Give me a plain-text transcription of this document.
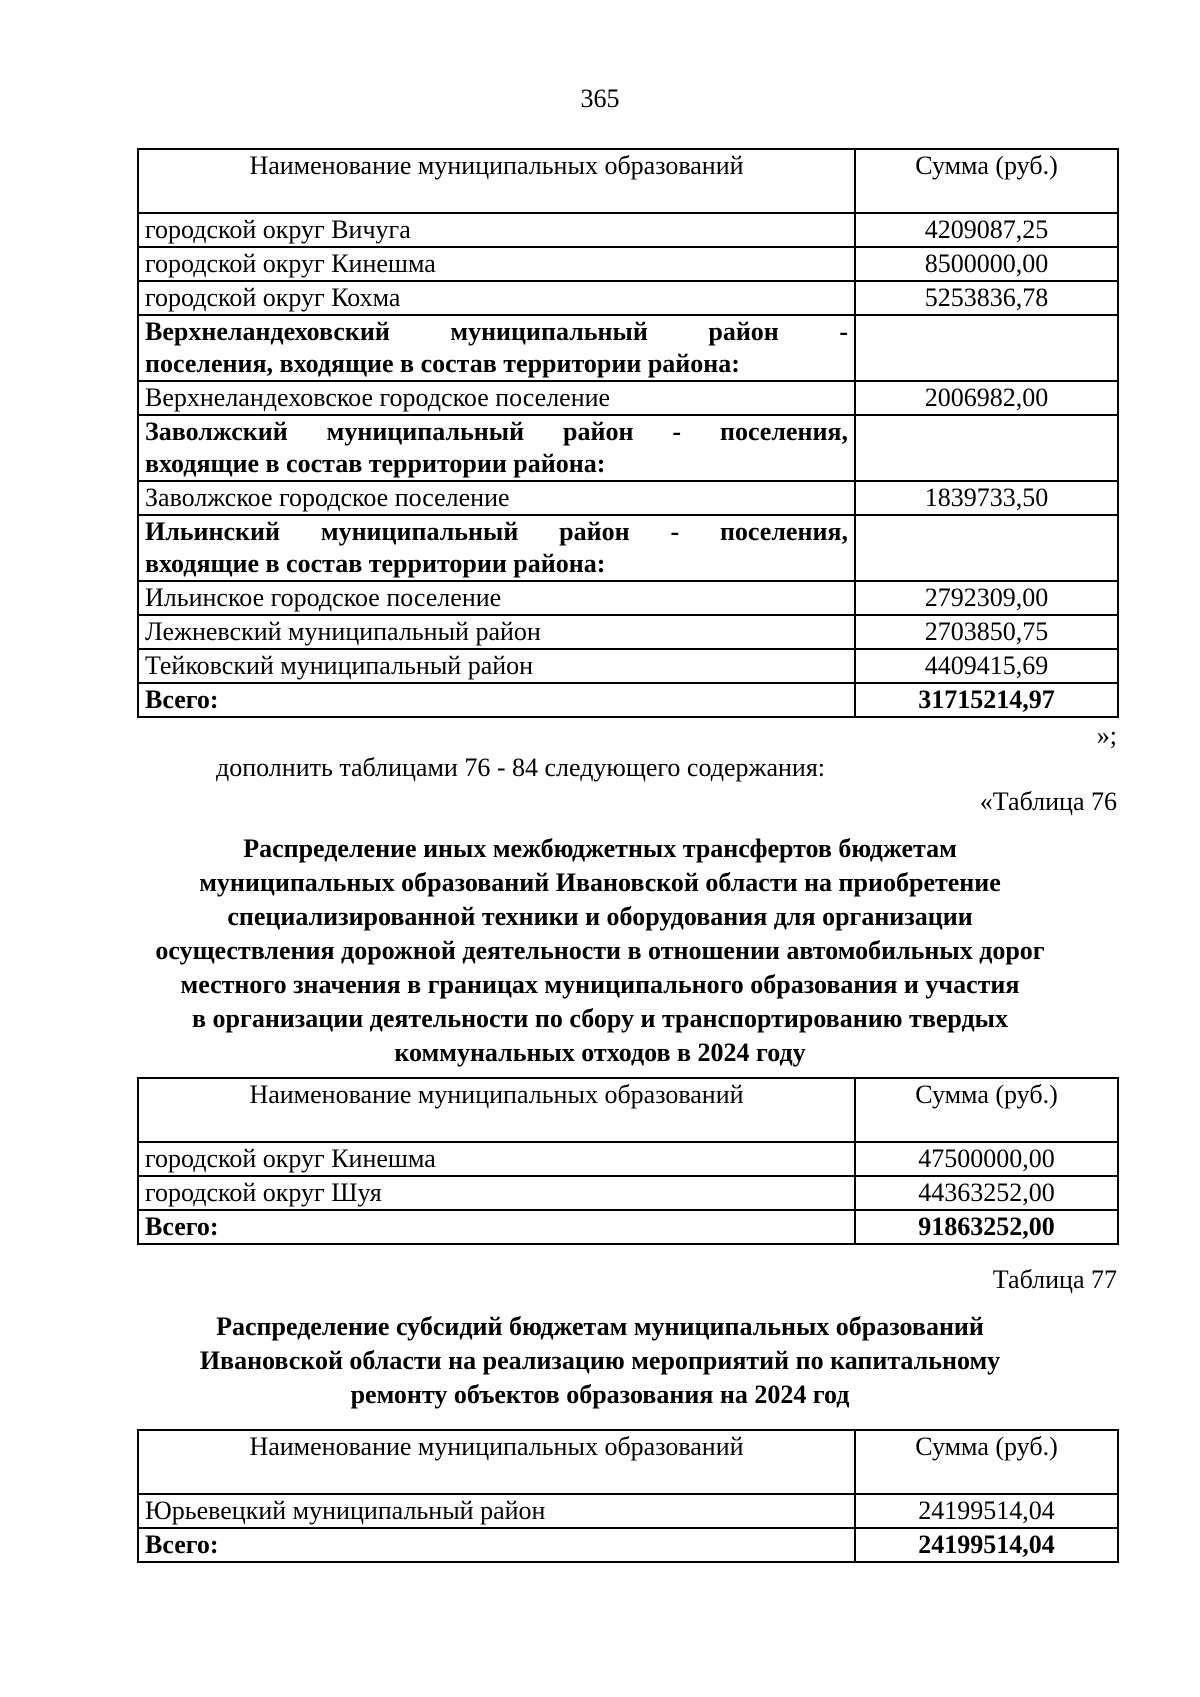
365
Наименование муниципальных образований	Сумма (руб.)
городской округ Вичуга	4209087,25
городской округ Кинешма	8500000,00
городской округ Кохма	5253836,78
Верхнеландеховский муниципальный район -
поселения, входящие в состав территории района:	

Верхнеландеховское городское поселение	2006982,00
Заволжский муниципальный район - поселения,
входящие в состав территории района:	

Заволжское городское поселение	1839733,50
Ильинский муниципальный район - поселения,
входящие в состав территории района:	

Ильинское городское поселение	2792309,00
Лежневский муниципальный район	2703850,75
Тейковский муниципальный район	4409415,69
Всего:	31715214,97
»;
дополнить таблицами 76 - 84 следующего содержания:
«Таблица 76
Распределение иных межбюджетных трансфертов бюджетам
муниципальных образований Ивановской области на приобретение
специализированной техники и оборудования для организации
осуществления дорожной деятельности в отношении автомобильных дорог
местного значения в границах муниципального образования и участия
в организации деятельности по сбору и транспортированию твердых
коммунальных отходов в 2024 году
Наименование муниципальных образований	Сумма (руб.)
городской округ Кинешма	47500000,00
городской округ Шуя	44363252,00
Всего:	91863252,00
Таблица 77
Распределение субсидий бюджетам муниципальных образований
Ивановской области на реализацию мероприятий по капитальному
ремонту объектов образования на 2024 год
Наименование муниципальных образований	Сумма (руб.)
Юрьевецкий муниципальный район	24199514,04
Всего:	24199514,04
